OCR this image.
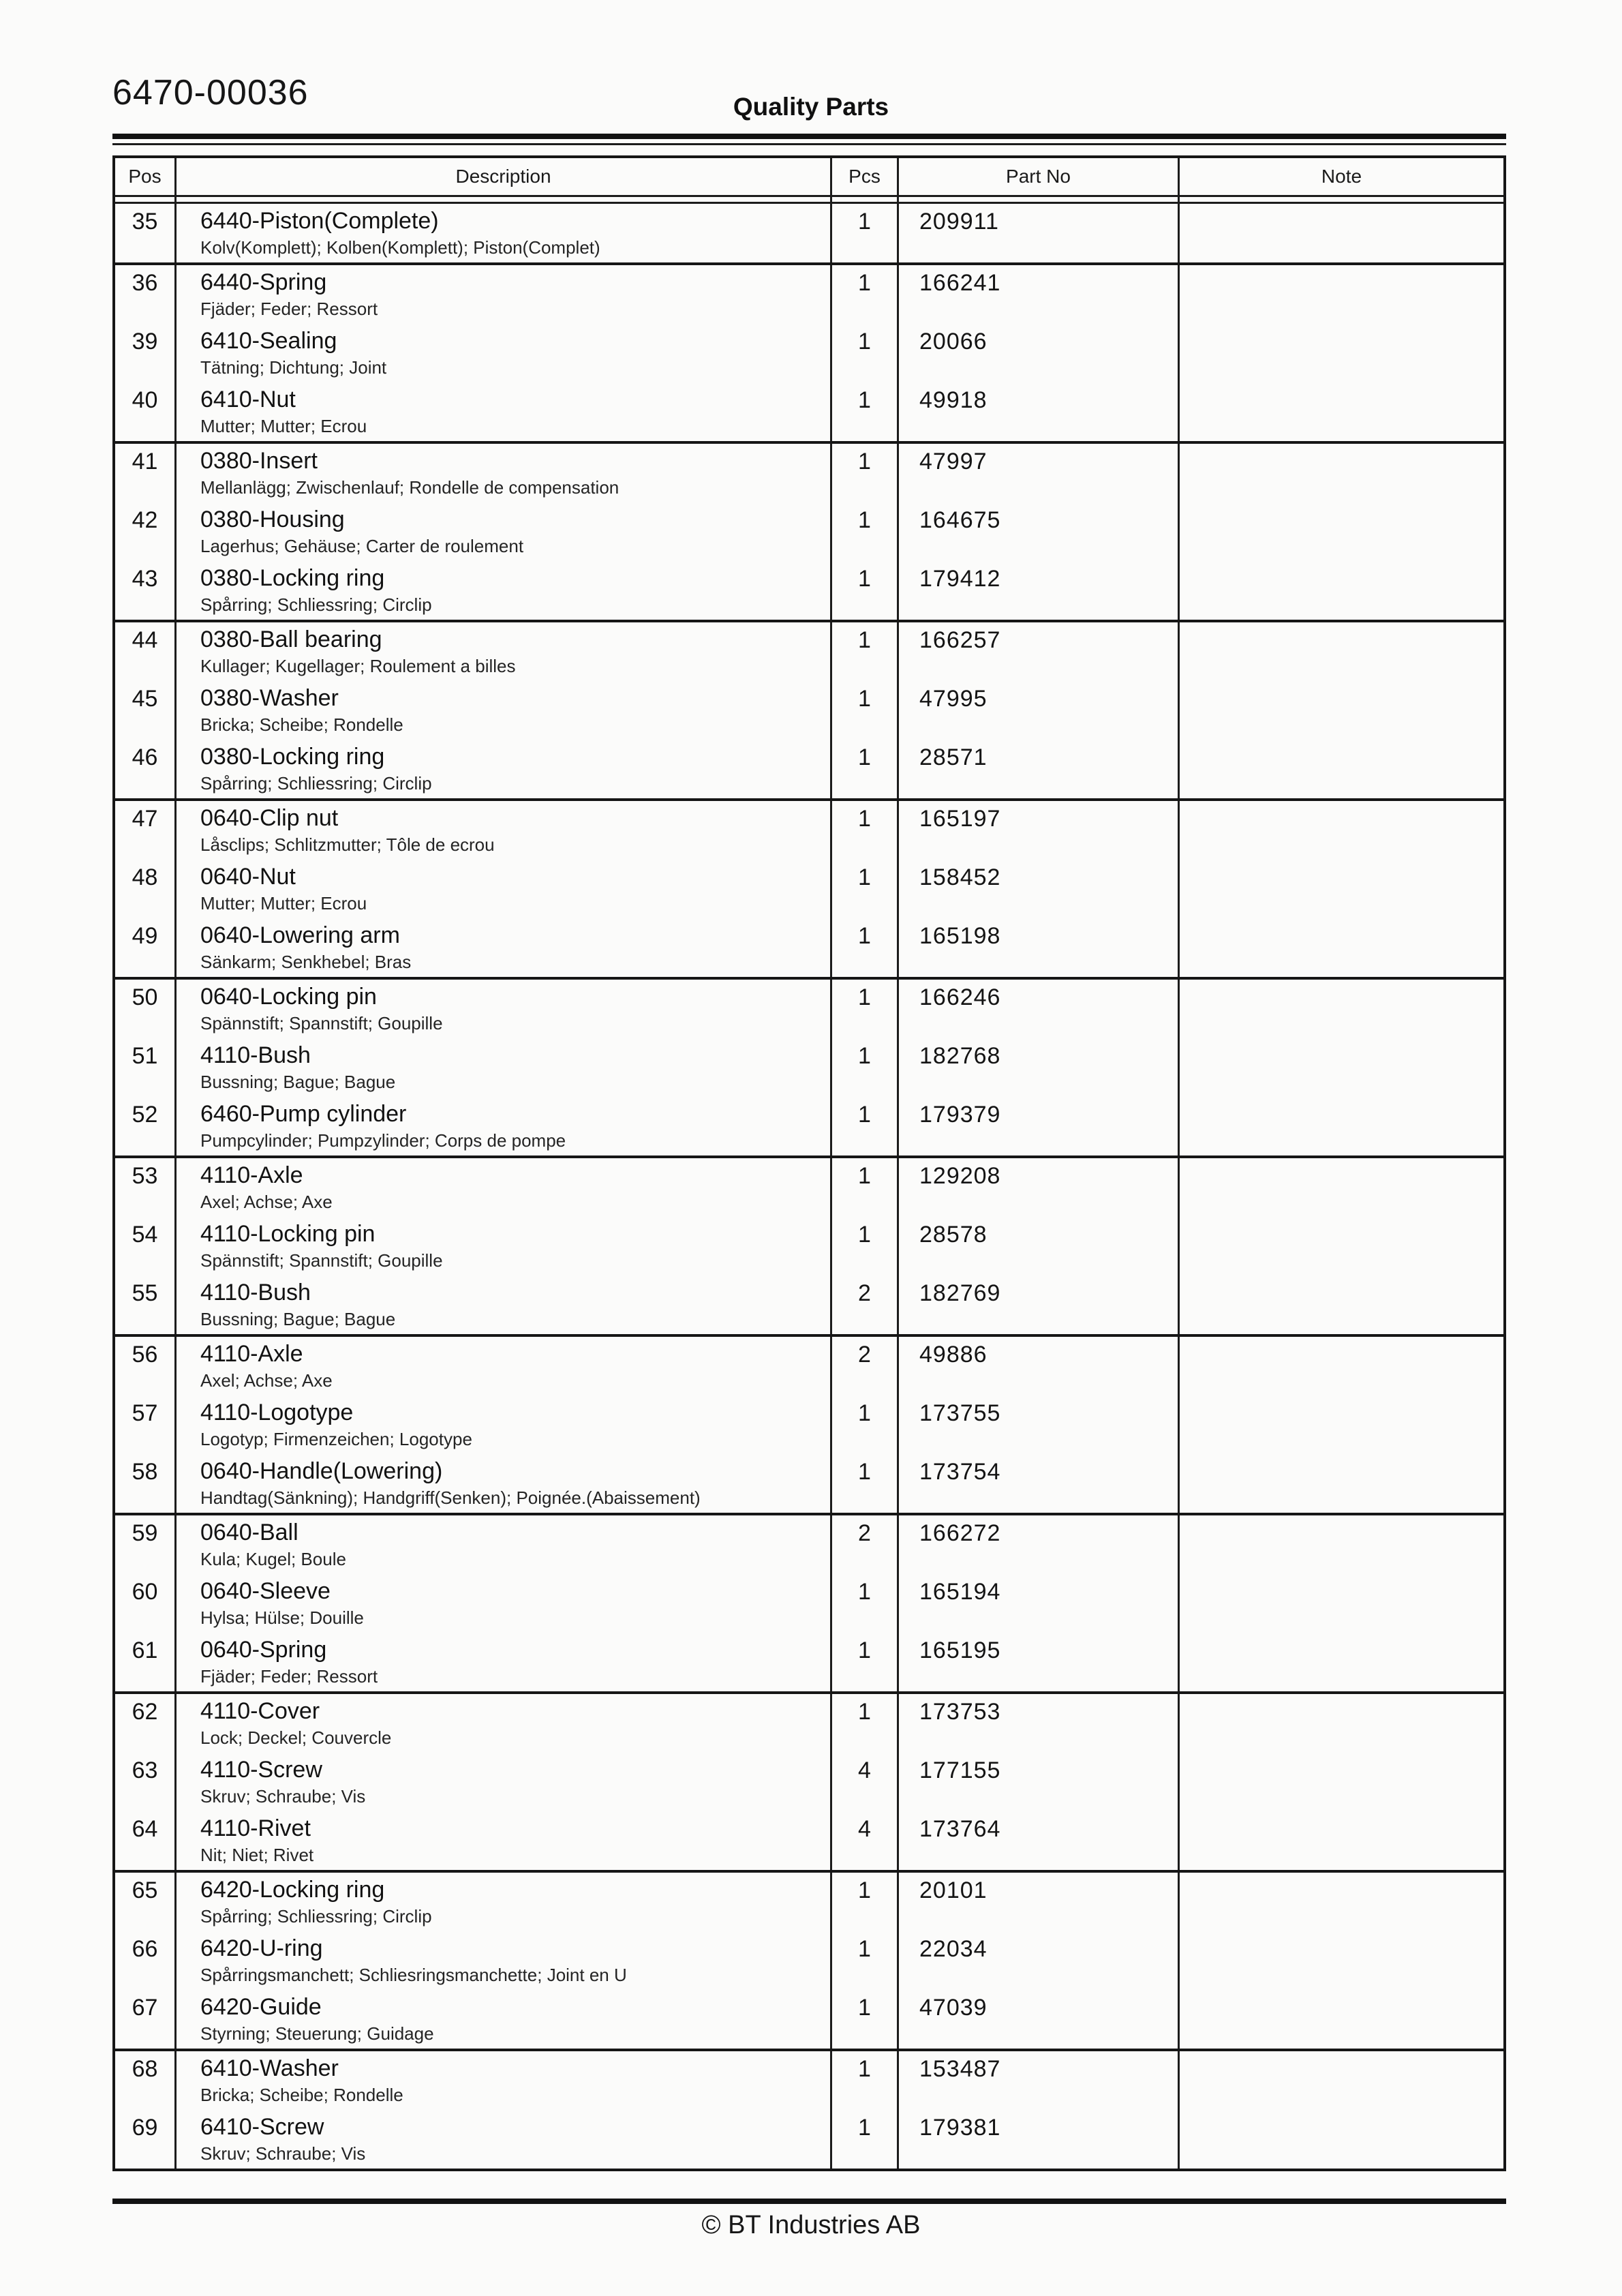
6470-00036	Quality Parts
Pos	Description	Pcs	Part No	Note
35	6440-Piston(Complete)
Kolv(Komplett); Kolben(Komplett); Piston(Complet)
1	209911
36	6440-Spring
Fjäder; Feder; Ressort
1	166241
39	6410-Sealing
Tätning; Dichtung; Joint
1	20066
40	6410-Nut
Mutter; Mutter; Ecrou
1	49918
41	0380-Insert
Mellanlägg; Zwischenlauf; Rondelle de compensation
1	47997
42	0380-Housing
Lagerhus; Gehäuse; Carter de roulement
1	164675
43	0380-Locking ring
Spårring; Schliessring; Circlip
1	179412
44	0380-Ball bearing
Kullager; Kugellager; Roulement a billes
1	166257
45	0380-Washer
Bricka; Scheibe; Rondelle
1	47995
46	0380-Locking ring
Spårring; Schliessring; Circlip
1	28571
47	0640-Clip nut
Låsclips; Schlitzmutter; Tôle de ecrou
1	165197
48	0640-Nut
Mutter; Mutter; Ecrou
1	158452
49	0640-Lowering arm
Sänkarm; Senkhebel; Bras
1	165198
50	0640-Locking pin
Spännstift; Spannstift; Goupille
1	166246
51	4110-Bush
Bussning; Bague; Bague
1	182768
52	6460-Pump cylinder
Pumpcylinder; Pumpzylinder; Corps de pompe
1	179379
53	4110-Axle
Axel; Achse; Axe
1	129208
54	4110-Locking pin
Spännstift; Spannstift; Goupille
1	28578
55	4110-Bush
Bussning; Bague; Bague
2	182769
56	4110-Axle
Axel; Achse; Axe
2	49886
57	4110-Logotype
Logotyp; Firmenzeichen; Logotype
1	173755
58	0640-Handle(Lowering)
Handtag(Sänkning); Handgriff(Senken); Poignée.(Abaissement)
1	173754
59	0640-Ball
Kula; Kugel; Boule
2	166272
60	0640-Sleeve
Hylsa; Hülse; Douille
1	165194
61	0640-Spring
Fjäder; Feder; Ressort
1	165195
62	4110-Cover
Lock; Deckel; Couvercle
1	173753
63	4110-Screw
Skruv; Schraube; Vis
4	177155
64	4110-Rivet
Nit; Niet; Rivet
4	173764
65	6420-Locking ring
Spårring; Schliessring; Circlip
1	20101
66	6420-U-ring
Spårringsmanchett; Schliesringsmanchette; Joint en U
1	22034
67	6420-Guide
Styrning; Steuerung; Guidage
1	47039
68	6410-Washer
Bricka; Scheibe; Rondelle
1	153487
69	6410-Screw
Skruv; Schraube; Vis
1	179381
© BT Industries AB
